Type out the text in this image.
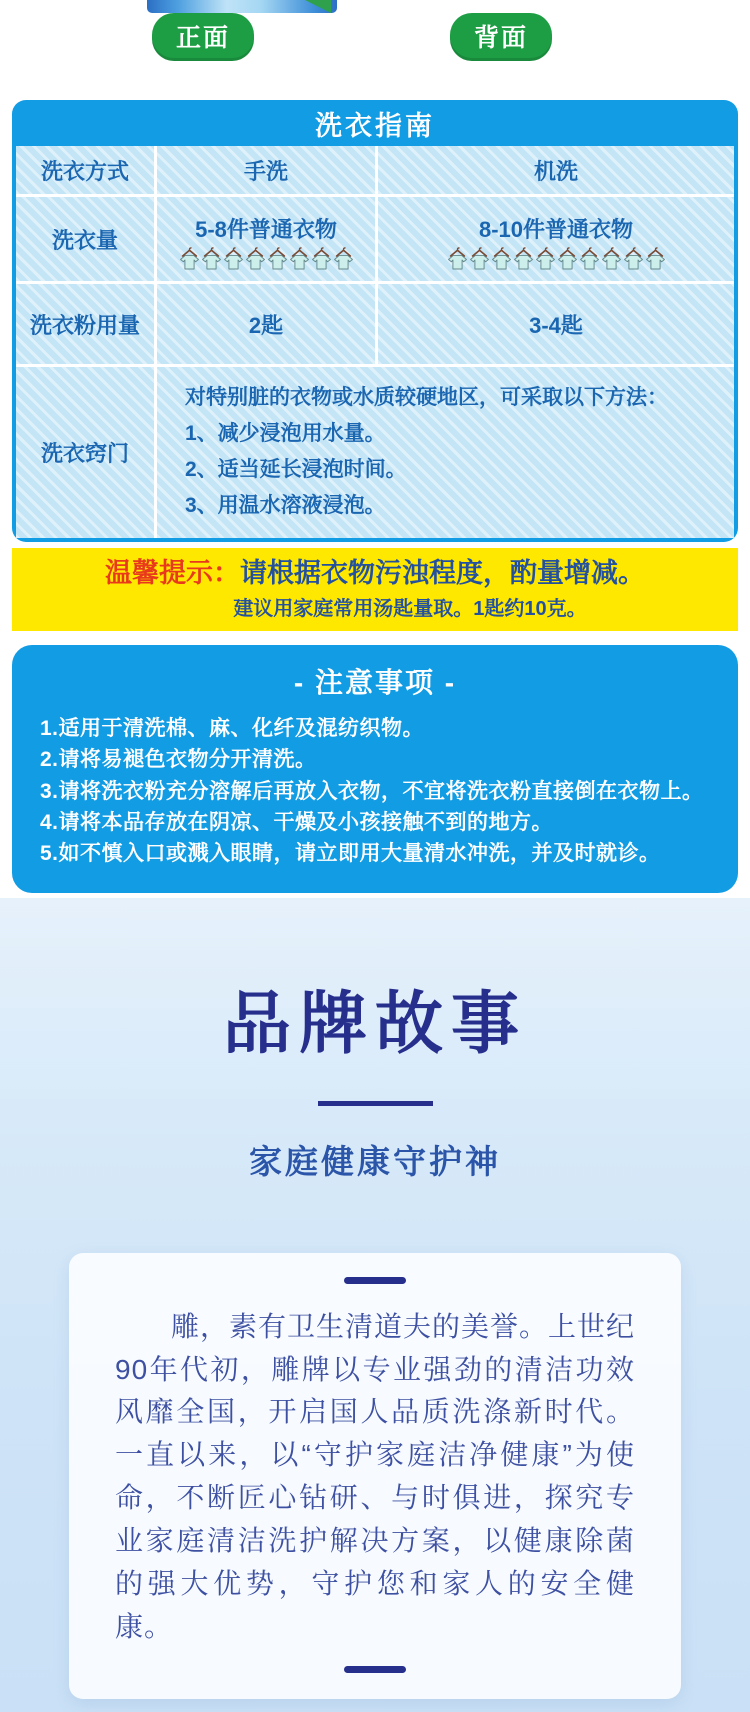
正面	背面
洗衣指南
洗衣方式	手洗	机洗
洗衣量	5-8件普通衣物	8-10件普通衣物
洗衣粉用量	2匙	3-4匙
洗衣窍门
对特别脏的衣物或水质较硬地区，可采取以下方法：
1、减少浸泡用水量。
2、适当延长浸泡时间。
3、用温水溶液浸泡。
温馨提示：请根据衣物污浊程度，酌量增减。
建议用家庭常用汤匙量取。1匙约10克。
- 注意事项 -
1.适用于清洗棉、麻、化纤及混纺织物。
2.请将易褪色衣物分开清洗。
3.请将洗衣粉充分溶解后再放入衣物，不宜将洗衣粉直接倒在衣物上。
4.请将本品存放在阴凉、干燥及小孩接触不到的地方。
5.如不慎入口或溅入眼睛，请立即用大量清水冲洗，并及时就诊。
品牌故事
家庭健康守护神
雕，素有卫生清道夫的美誉。上世纪90年代初，雕牌以专业强劲的清洁功效风靡全国，开启国人品质洗涤新时代。一直以来，以“守护家庭洁净健康”为使命，不断匠心钻研、与时俱进，探究专业家庭清洁洗护解决方案，以健康除菌的强大优势，守护您和家人的安全健康。
